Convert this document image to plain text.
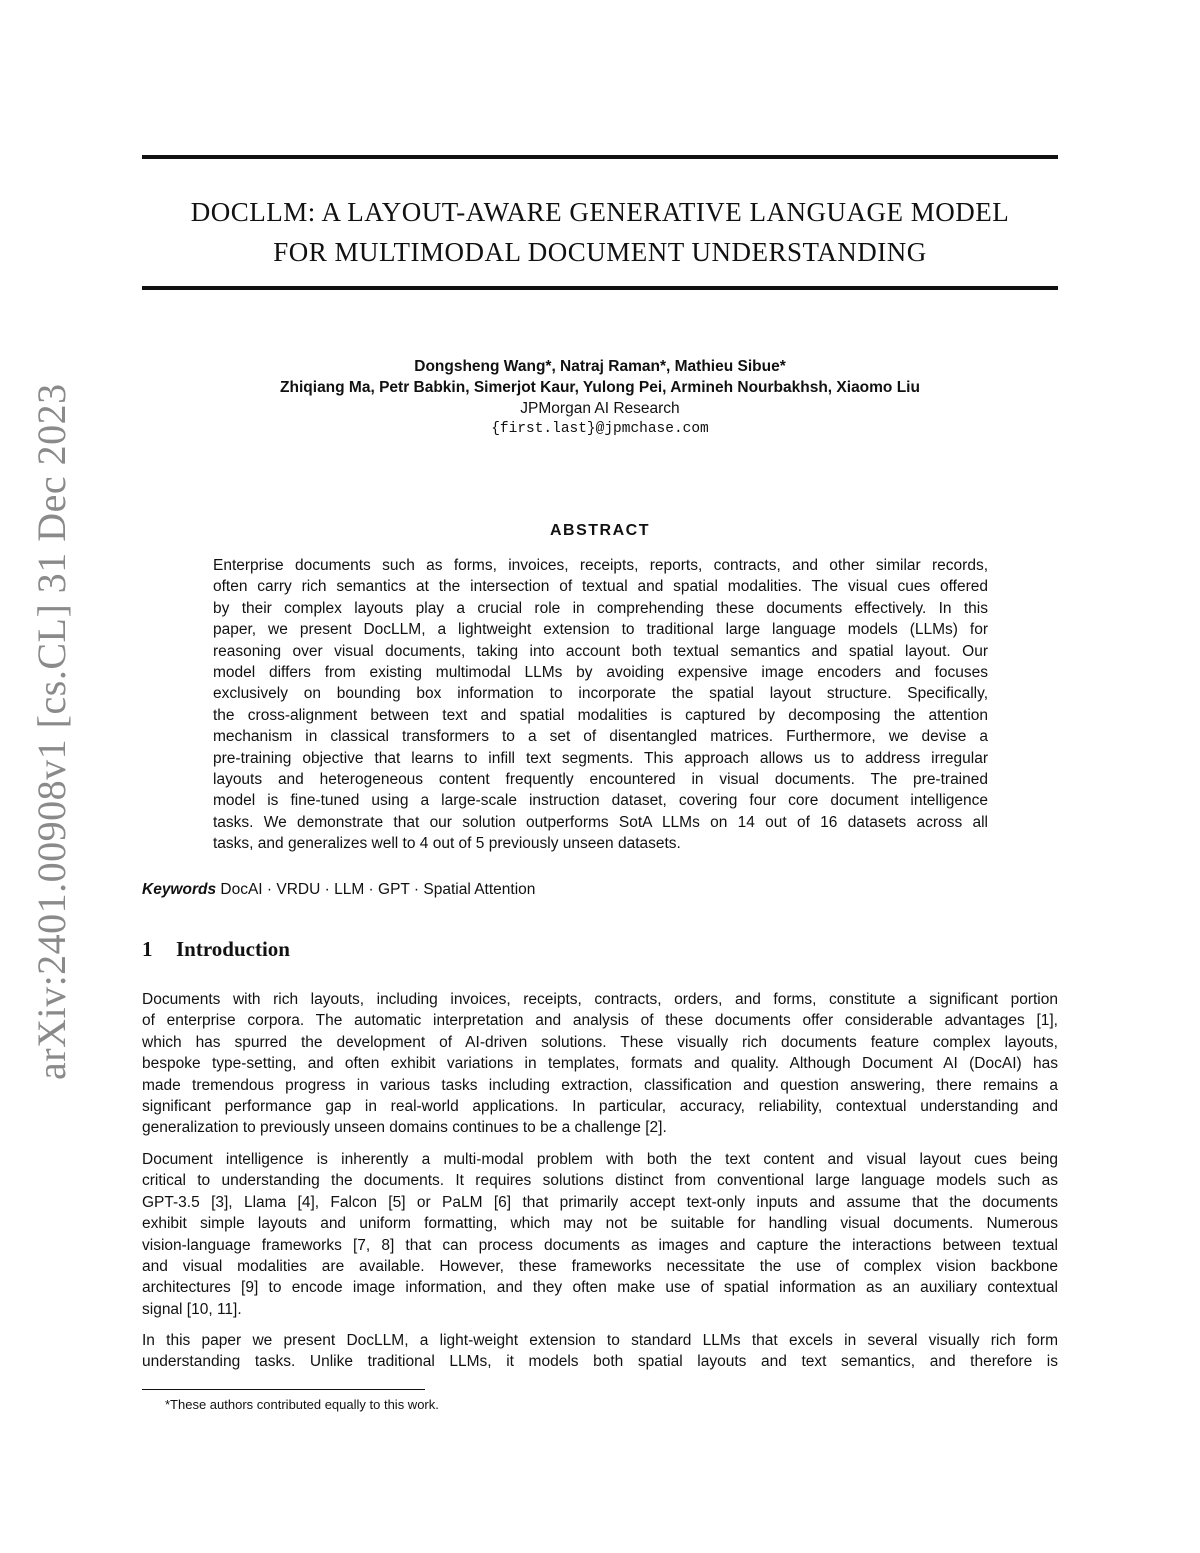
arXiv:2401.00908v1 [cs.CL] 31 Dec 2023
DOCLLM: A LAYOUT-AWARE GENERATIVE LANGUAGE MODEL
FOR MULTIMODAL DOCUMENT UNDERSTANDING
Dongsheng Wang*, Natraj Raman*, Mathieu Sibue*
Zhiqiang Ma, Petr Babkin, Simerjot Kaur, Yulong Pei, Armineh Nourbakhsh, Xiaomo Liu
JPMorgan AI Research
{first.last}@jpmchase.com
ABSTRACT
Enterprise documents such as forms, invoices, receipts, reports, contracts, and other similar records,
often carry rich semantics at the intersection of textual and spatial modalities. The visual cues offered
by their complex layouts play a crucial role in comprehending these documents effectively. In this
paper, we present DocLLM, a lightweight extension to traditional large language models (LLMs) for
reasoning over visual documents, taking into account both textual semantics and spatial layout. Our
model differs from existing multimodal LLMs by avoiding expensive image encoders and focuses
exclusively on bounding box information to incorporate the spatial layout structure. Specifically,
the cross-alignment between text and spatial modalities is captured by decomposing the attention
mechanism in classical transformers to a set of disentangled matrices. Furthermore, we devise a
pre-training objective that learns to infill text segments. This approach allows us to address irregular
layouts and heterogeneous content frequently encountered in visual documents. The pre-trained
model is fine-tuned using a large-scale instruction dataset, covering four core document intelligence
tasks. We demonstrate that our solution outperforms SotA LLMs on 14 out of 16 datasets across all
tasks, and generalizes well to 4 out of 5 previously unseen datasets.
Keywords DocAI · VRDU · LLM · GPT · Spatial Attention
1 Introduction
Documents with rich layouts, including invoices, receipts, contracts, orders, and forms, constitute a significant portion
of enterprise corpora. The automatic interpretation and analysis of these documents offer considerable advantages [1],
which has spurred the development of AI-driven solutions. These visually rich documents feature complex layouts,
bespoke type-setting, and often exhibit variations in templates, formats and quality. Although Document AI (DocAI) has
made tremendous progress in various tasks including extraction, classification and question answering, there remains a
significant performance gap in real-world applications. In particular, accuracy, reliability, contextual understanding and
generalization to previously unseen domains continues to be a challenge [2].
Document intelligence is inherently a multi-modal problem with both the text content and visual layout cues being
critical to understanding the documents. It requires solutions distinct from conventional large language models such as
GPT-3.5 [3], Llama [4], Falcon [5] or PaLM [6] that primarily accept text-only inputs and assume that the documents
exhibit simple layouts and uniform formatting, which may not be suitable for handling visual documents. Numerous
vision-language frameworks [7, 8] that can process documents as images and capture the interactions between textual
and visual modalities are available. However, these frameworks necessitate the use of complex vision backbone
architectures [9] to encode image information, and they often make use of spatial information as an auxiliary contextual
signal [10, 11].
In this paper we present DocLLM, a light-weight extension to standard LLMs that excels in several visually rich form
understanding tasks. Unlike traditional LLMs, it models both spatial layouts and text semantics, and therefore is
*These authors contributed equally to this work.
